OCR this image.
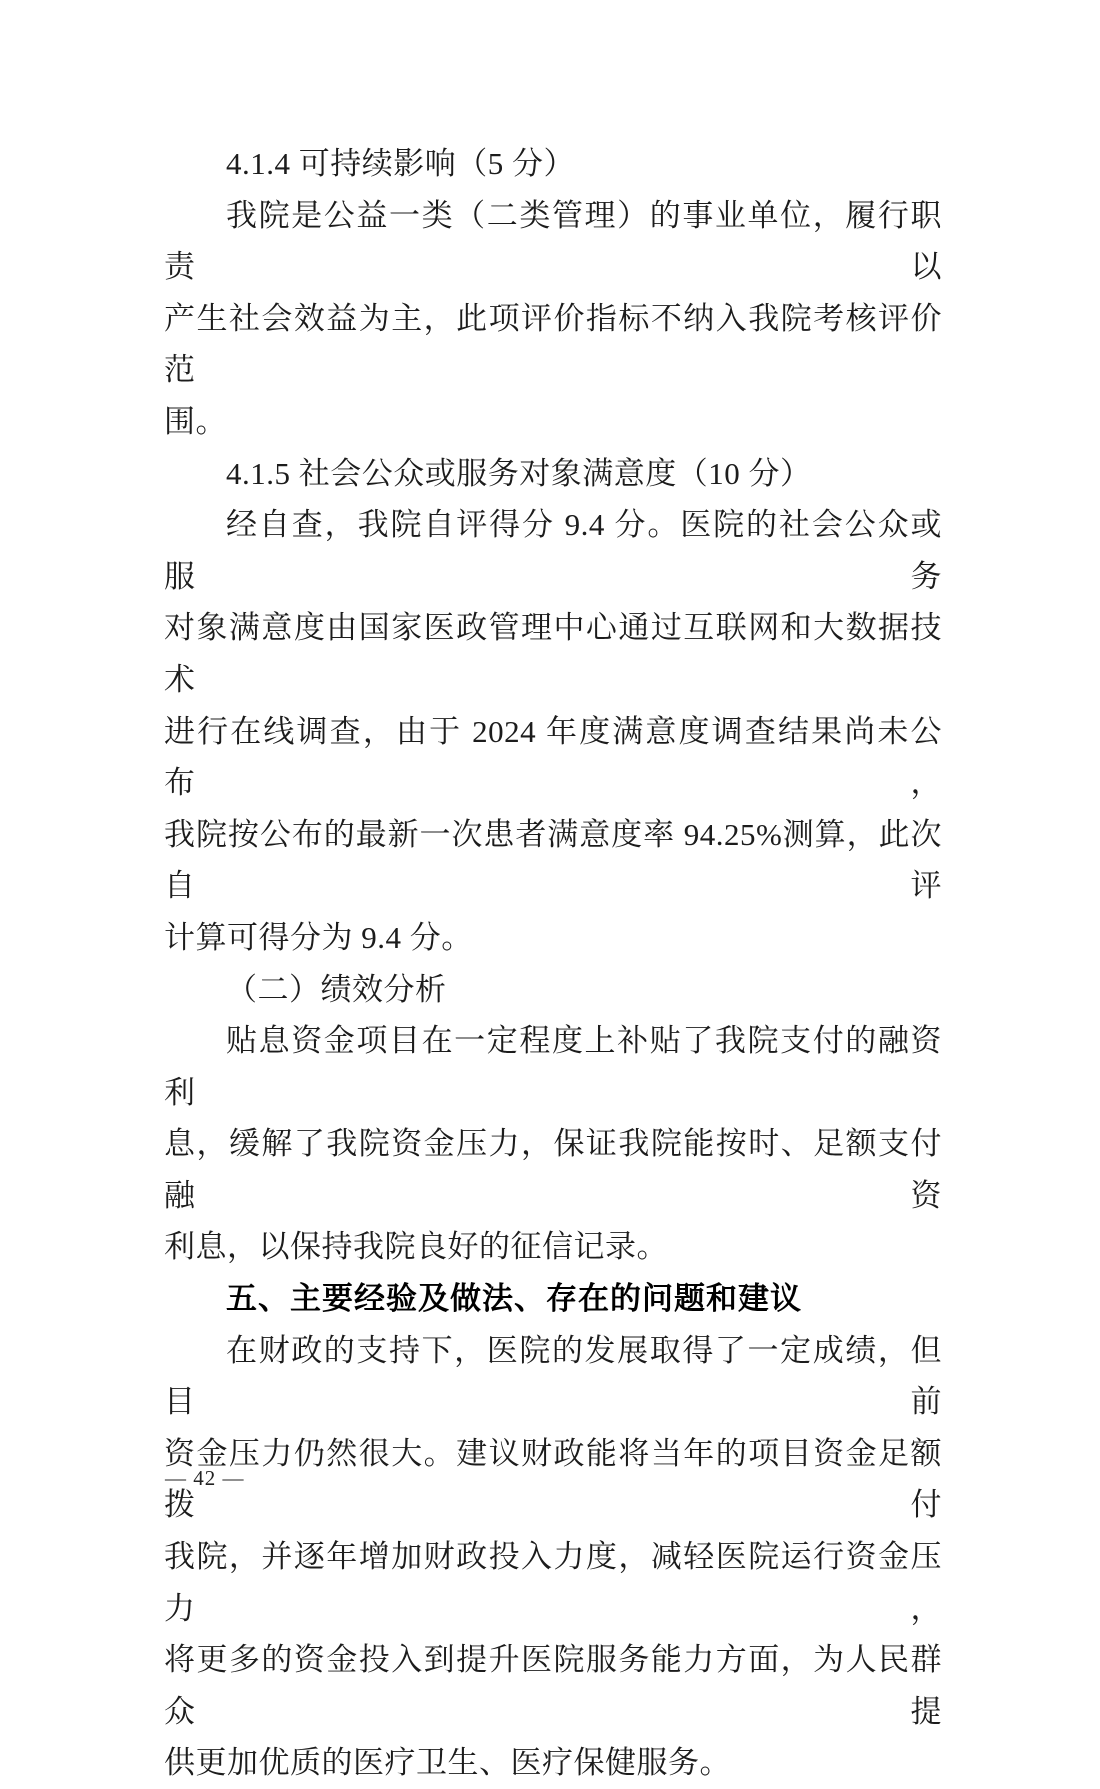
4.1.4 可持续影响（5 分）

我院是公益一类（二类管理）的事业单位，履行职责以
产生社会效益为主，此项评价指标不纳入我院考核评价范
围。

4.1.5 社会公众或服务对象满意度（10 分）

经自查，我院自评得分 9.4 分。医院的社会公众或服务
对象满意度由国家医政管理中心通过互联网和大数据技术
进行在线调查，由于 2024 年度满意度调查结果尚未公布，
我院按公布的最新一次患者满意度率 94.25%测算，此次自评
计算可得分为 9.4 分。

（二）绩效分析

贴息资金项目在一定程度上补贴了我院支付的融资利
息，缓解了我院资金压力，保证我院能按时、足额支付融资
利息，以保持我院良好的征信记录。

五、主要经验及做法、存在的问题和建议

在财政的支持下，医院的发展取得了一定成绩，但目前
资金压力仍然很大。建议财政能将当年的项目资金足额拨付
我院，并逐年增加财政投入力度，减轻医院运行资金压力，
将更多的资金投入到提升医院服务能力方面，为人民群众提
供更加优质的医疗卫生、医疗保健服务。

— 42 —
